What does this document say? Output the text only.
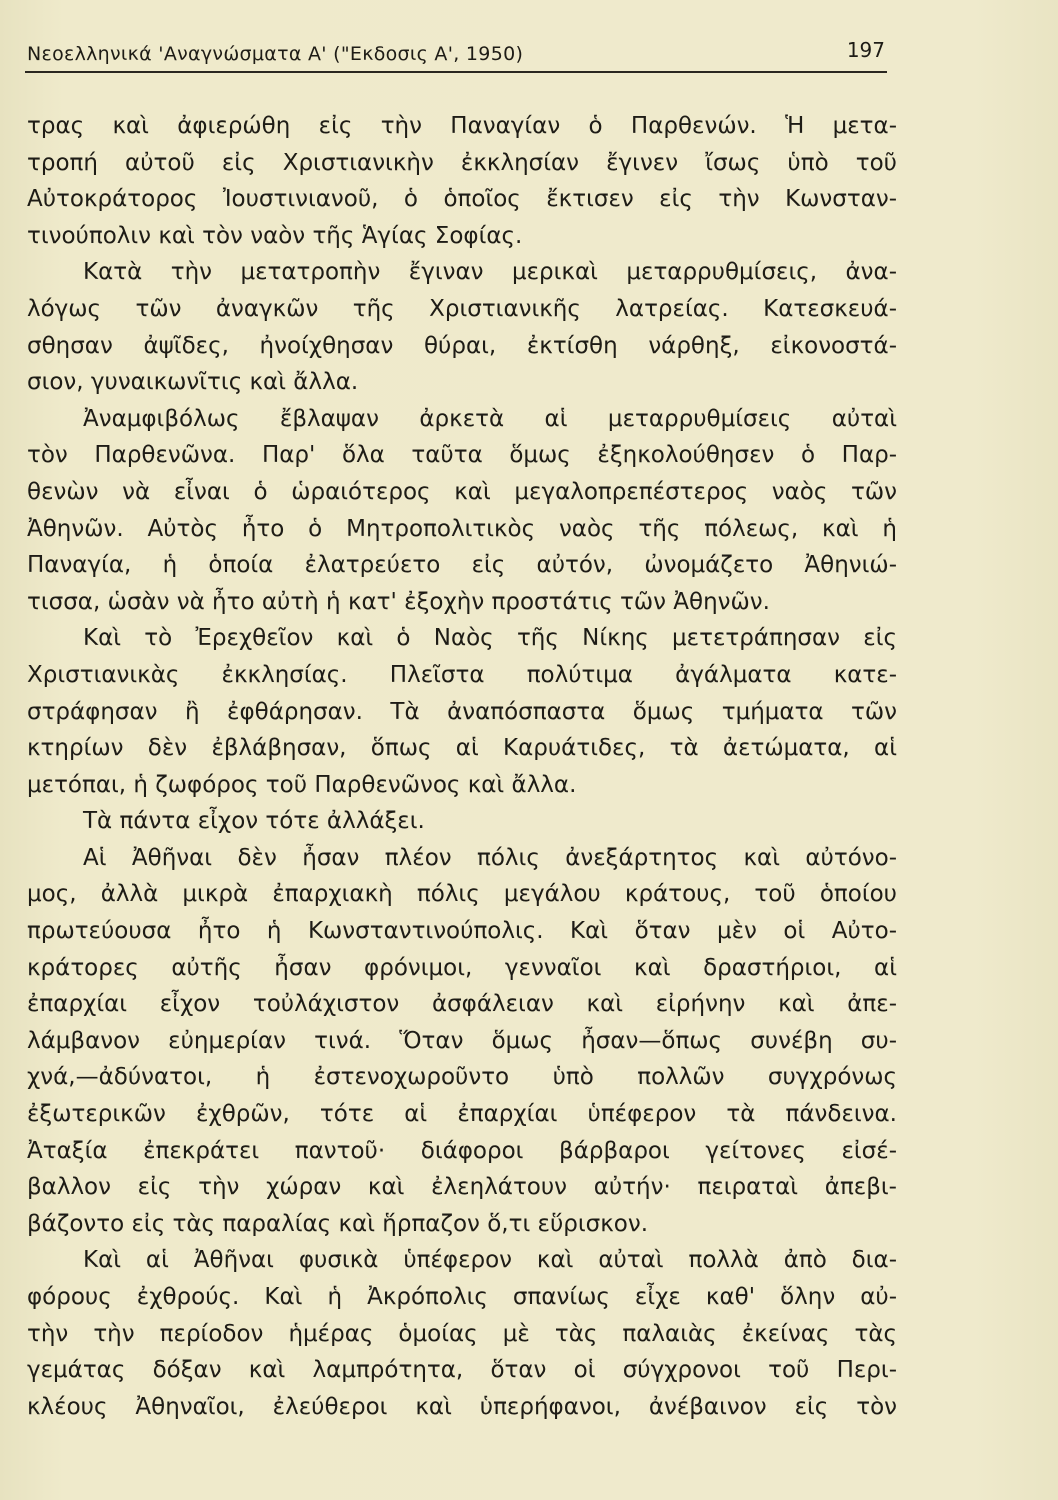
Νεοελληνικά 'Αναγνώσματα Α' ("Εκδοσις Α', 1950)	197
τρας καὶ ἀφιερώθη εἰς τὴν Παναγίαν ὁ Παρθενών. Ἡ μετα-
τροπή αὐτοῦ εἰς Χριστιανικὴν ἐκκλησίαν ἔγινεν ἴσως ὑπὸ τοῦ
Αὐτοκράτορος Ἰουστινιανοῦ, ὁ ὁποῖος ἔκτισεν εἰς τὴν Κωνσταν-
τινούπολιν καὶ τὸν ναὸν τῆς Ἁγίας Σοφίας.
Κατὰ τὴν μετατροπὴν ἔγιναν μερικαὶ μεταρρυθμίσεις, ἀνα-
λόγως τῶν ἀναγκῶν τῆς Χριστιανικῆς λατρείας. Κατεσκευά-
σθησαν ἀψῖδες, ἠνοίχθησαν θύραι, ἐκτίσθη νάρθηξ, εἰκονοστά-
σιον, γυναικωνῖτις καὶ ἄλλα.
Ἀναμφιβόλως ἔβλαψαν ἀρκετὰ αἱ μεταρρυθμίσεις αὐταὶ
τὸν Παρθενῶνα. Παρ' ὅλα ταῦτα ὅμως ἐξηκολούθησεν ὁ Παρ-
θενὼν νὰ εἶναι ὁ ὡραιότερος καὶ μεγαλοπρεπέστερος ναὸς τῶν
Ἀθηνῶν. Αὐτὸς ἦτο ὁ Μητροπολιτικὸς ναὸς τῆς πόλεως, καὶ ἡ
Παναγία, ἡ ὁποία ἐλατρεύετο εἰς αὐτόν, ὠνομάζετο Ἀθηνιώ-
τισσα, ὡσὰν νὰ ἦτο αὐτὴ ἡ κατ' ἐξοχὴν προστάτις τῶν Ἀθηνῶν.
Καὶ τὸ Ἐρεχθεῖον καὶ ὁ Ναὸς τῆς Νίκης μετετράπησαν εἰς
Χριστιανικὰς ἐκκλησίας. Πλεῖστα πολύτιμα ἀγάλματα κατε-
στράφησαν ἢ ἐφθάρησαν. Τὰ ἀναπόσπαστα ὅμως τμήματα τῶν
κτηρίων δὲν ἐβλάβησαν, ὅπως αἱ Καρυάτιδες, τὰ ἀετώματα, αἱ
μετόπαι, ἡ ζωφόρος τοῦ Παρθενῶνος καὶ ἄλλα.
Τὰ πάντα εἶχον τότε ἀλλάξει.
Αἱ Ἀθῆναι δὲν ἦσαν πλέον πόλις ἀνεξάρτητος καὶ αὐτόνο-
μος, ἀλλὰ μικρὰ ἐπαρχιακὴ πόλις μεγάλου κράτους, τοῦ ὁποίου
πρωτεύουσα ἦτο ἡ Κωνσταντινούπολις. Καὶ ὅταν μὲν οἱ Αὐτο-
κράτορες αὐτῆς ἦσαν φρόνιμοι, γενναῖοι καὶ δραστήριοι, αἱ
ἐπαρχίαι εἶχον τοὐλάχιστον ἀσφάλειαν καὶ εἰρήνην καὶ ἀπε-
λάμβανον εὐημερίαν τινά. Ὅταν ὅμως ἦσαν—ὅπως συνέβη συ-
χνά,—ἀδύνατοι, ἡ ἐστενοχωροῦντο ὑπὸ πολλῶν συγχρόνως
ἐξωτερικῶν ἐχθρῶν, τότε αἱ ἐπαρχίαι ὑπέφερον τὰ πάνδεινα.
Ἀταξία ἐπεκράτει παντοῦ· διάφοροι βάρβαροι γείτονες εἰσέ-
βαλλον εἰς τὴν χώραν καὶ ἐλεηλάτουν αὐτήν· πειραταὶ ἀπεβι-
βάζοντο εἰς τὰς παραλίας καὶ ἥρπαζον ὅ,τι εὕρισκον.
Καὶ αἱ Ἀθῆναι φυσικὰ ὑπέφερον καὶ αὐταὶ πολλὰ ἀπὸ δια-
φόρους ἐχθρούς. Καὶ ἡ Ἀκρόπολις σπανίως εἶχε καθ' ὅλην αὐ-
τὴν τὴν περίοδον ἡμέρας ὁμοίας μὲ τὰς παλαιὰς ἐκείνας τὰς
γεμάτας δόξαν καὶ λαμπρότητα, ὅταν οἱ σύγχρονοι τοῦ Περι-
κλέους Ἀθηναῖοι, ἐλεύθεροι καὶ ὑπερήφανοι, ἀνέβαινον εἰς τὸν
